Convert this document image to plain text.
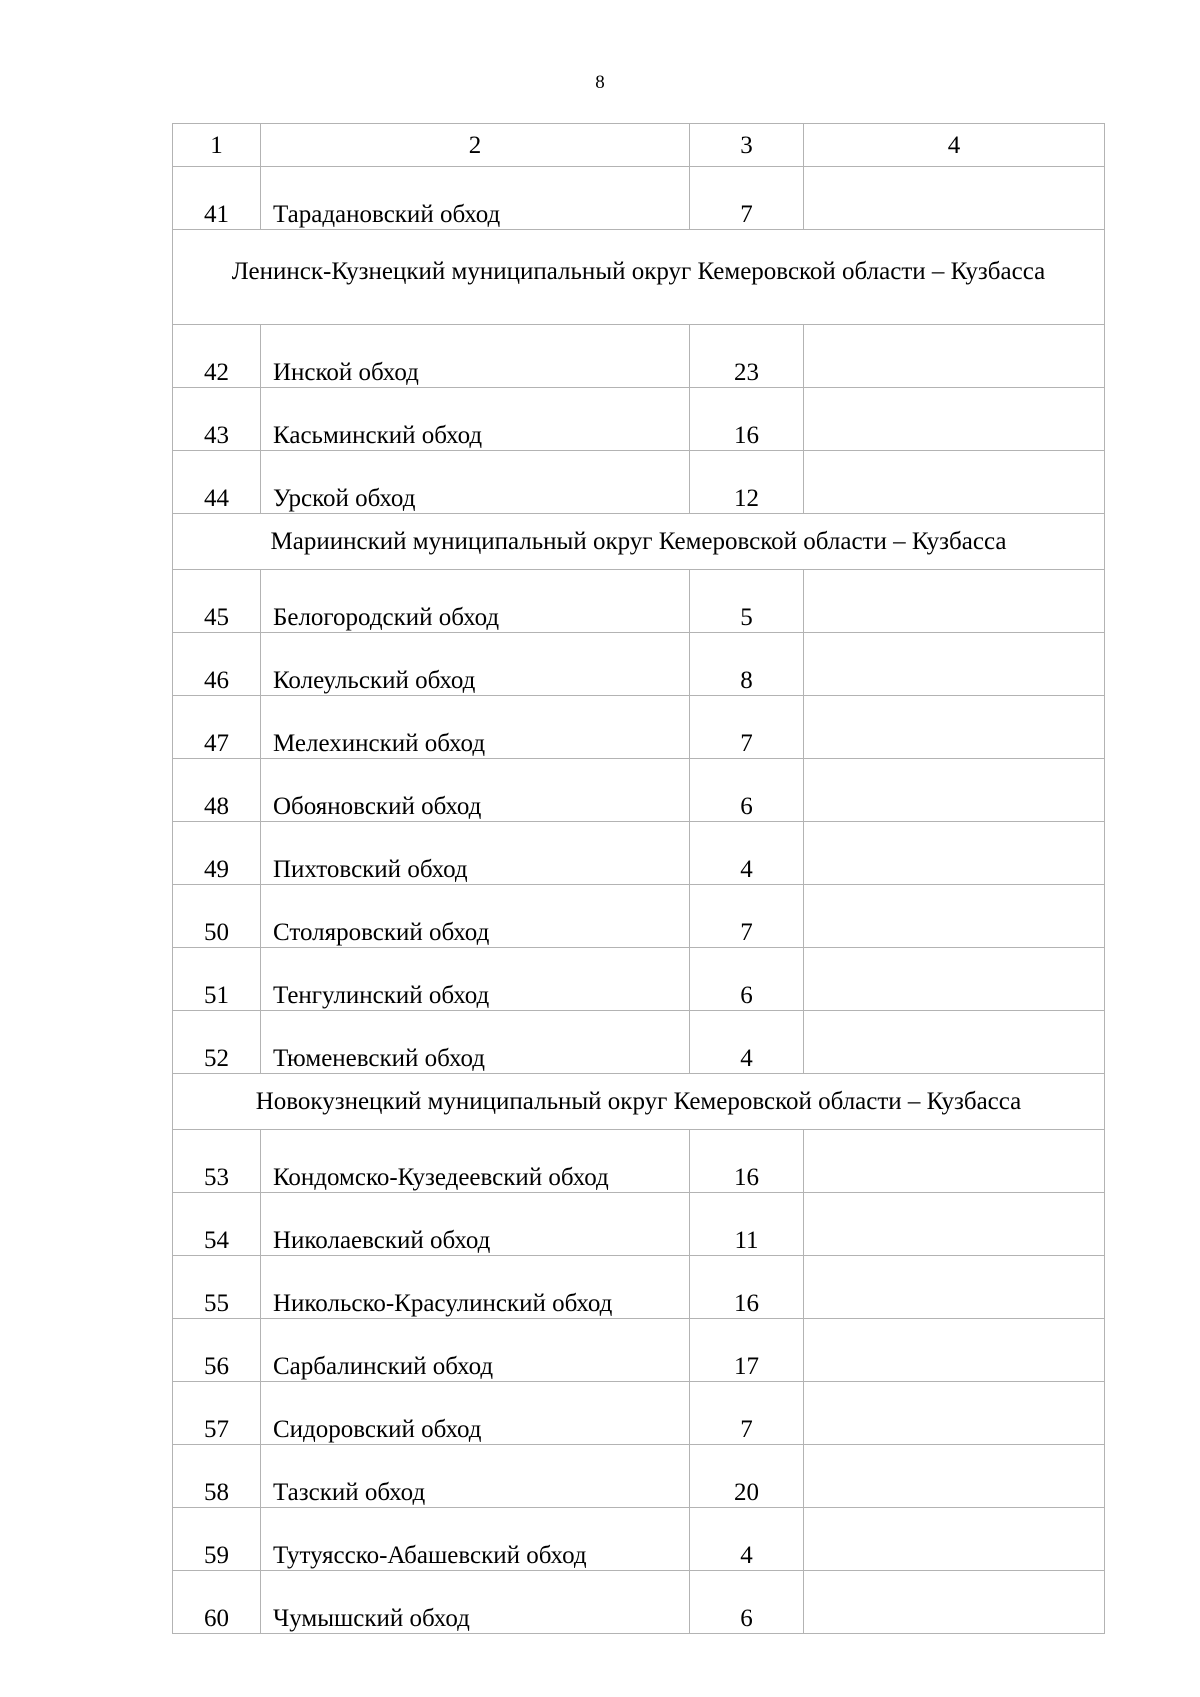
8
1	2	3	4
41	Тарадановский обход	7	
Ленинск-Кузнецкий муниципальный округ Кемеровской области – Кузбасса			
42	Инской обход	23	
43	Касьминский обход	16	
44	Урской обход	12	
Мариинский муниципальный округ Кемеровской области – Кузбасса			
45	Белогородский обход	5	
46	Колеульский обход	8	
47	Мелехинский обход	7	
48	Обояновский обход	6	
49	Пихтовский обход	4	
50	Столяровский обход	7	
51	Тенгулинский обход	6	
52	Тюменевский обход	4	
Новокузнецкий муниципальный округ Кемеровской области – Кузбасса			
53	Кондомско-Кузедеевский обход	16	
54	Николаевский обход	11	
55	Никольско-Красулинский обход	16	
56	Сарбалинский обход	17	
57	Сидоровский обход	7	
58	Тазский обход	20	
59	Тутуясско-Абашевский обход	4	
60	Чумышский обход	6	
